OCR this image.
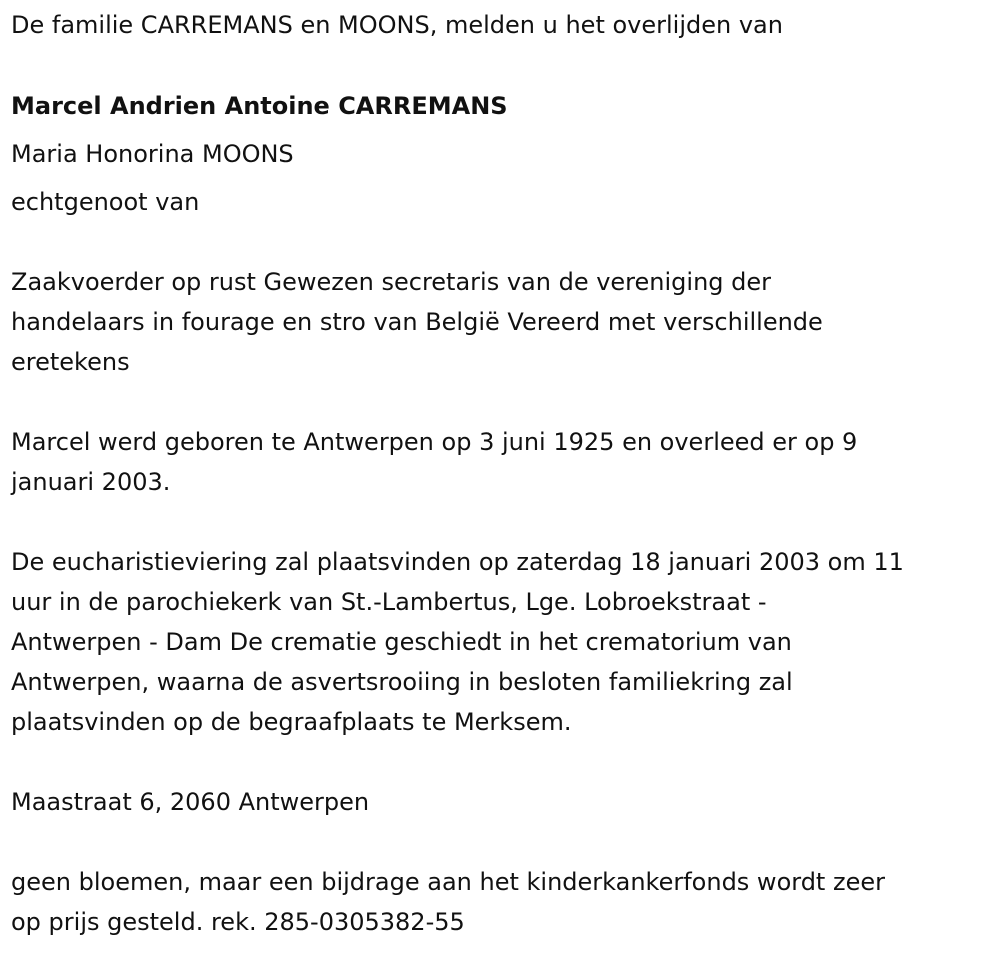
De familie CARREMANS en MOONS, melden u het overlijden van
Marcel Andrien Antoine CARREMANS
Maria Honorina MOONS
echtgenoot van
Zaakvoerder op rust Gewezen secretaris van de vereniging der
handelaars in fourage en stro van België Vereerd met verschillende
eretekens
Marcel werd geboren te Antwerpen op 3 juni 1925 en overleed er op 9
januari 2003.
De eucharistieviering zal plaatsvinden op zaterdag 18 januari 2003 om 11
uur in de parochiekerk van St.-Lambertus, Lge. Lobroekstraat -
Antwerpen - Dam De crematie geschiedt in het crematorium van
Antwerpen, waarna de asvertsrooiing in besloten familiekring zal
plaatsvinden op de begraafplaats te Merksem.
Maastraat 6, 2060 Antwerpen
geen bloemen, maar een bijdrage aan het kinderkankerfonds wordt zeer
op prijs gesteld. rek. 285-0305382-55
